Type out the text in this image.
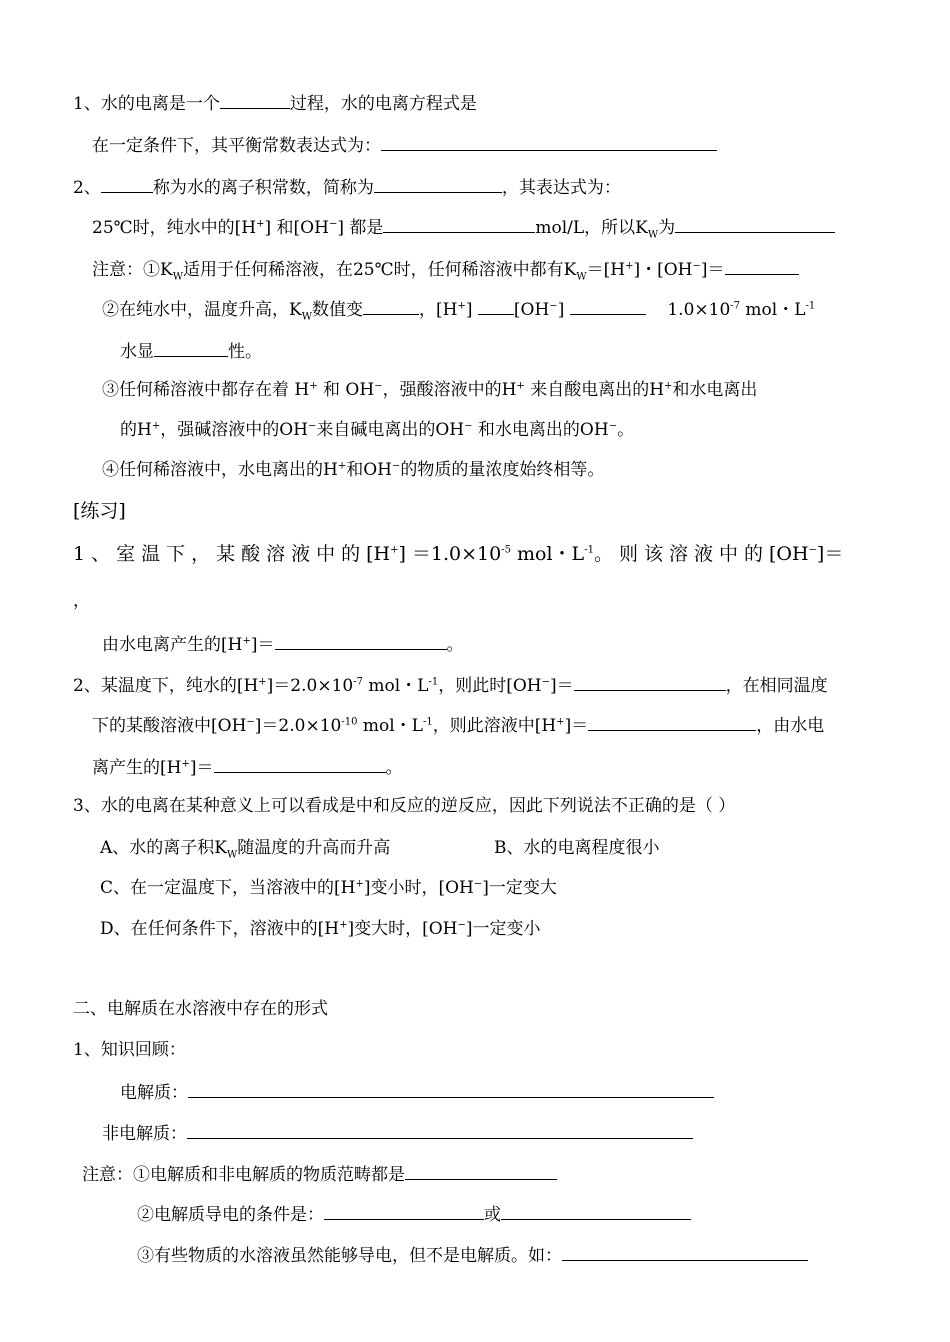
1、水的电离是一个	过程，水的电离方程式是
在一定条件下，其平衡常数表达式为：
2、	称为水的离子积常数，简称为	，其表达式为：
25℃时，纯水中的[H+] 和[OH−] 都是	mol/L，所以$K_W$为
注意：$①K_W$适用于任何稀溶液，在25℃时，任何稀溶液中都有$K_W=[H^+]$・[OH−]＝
②在纯水中，温度升高，$K_W$数值变	，[H+] [OH−]	$1.0\times 10^{-7}$ mol・$L^{-1}$
水显	性。
③任何稀溶液中都存在着 H+ 和 OH−，强酸溶液中的H+ 来自酸电离出的H+和水电离出
的H+，强碱溶液中的OH−来自碱电离出的OH− 和水电离出的OH−。
④任何稀溶液中，水电离出的H+和OH−的物质的量浓度始终相等。
[练习]
1、室温下，某酸溶液中的$[H^+] =1.0\times 10^{-5}$ mol・$L^{-1}$。则该溶液中的[OH−]＝
，
由水电离产生的[H+]＝	。
2、某温度下，纯水的$[H^+]=2.0\times 10^{-7}$ mol・$L^{-1}$，则此时[OH−]＝	，在相同温度
下的某酸溶液中$[OH^-]=2.0\times 10^{-10}$ mol・$L^{-1}$，则此溶液中[H+]＝	，由水电
离产生的[H+]＝	。
3、水的电离在某种意义上可以看成是中和反应的逆反应，因此下列说法不正确的是（ ）
A、水的离子积$K_W$随温度的升高而升高	B、水的电离程度很小
C、在一定温度下，当溶液中的[H+]变小时，[OH−]一定变大
D、在任何条件下，溶液中的[H+]变大时，[OH−]一定变小
二、电解质在水溶液中存在的形式
1、知识回顾：
电解质：
非电解质：
注意：①电解质和非电解质的物质范畴都是
②电解质导电的条件是：	或
③有些物质的水溶液虽然能够导电，但不是电解质。如：
